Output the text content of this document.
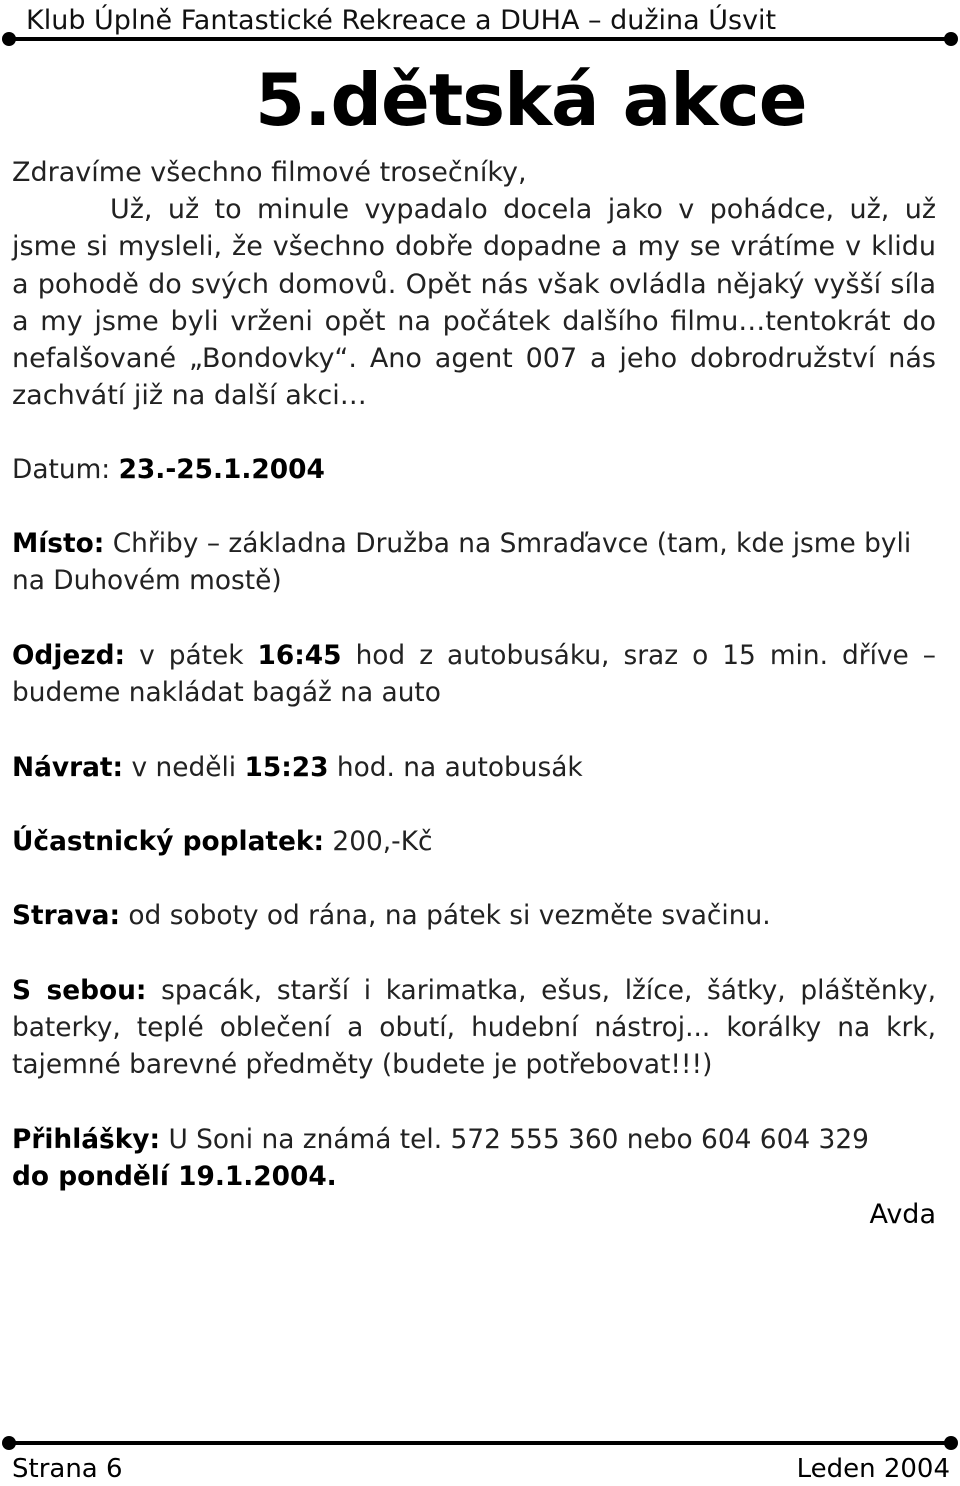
Klub Úplně Fantastické Rekreace a DUHA – dužina Úsvit
5.dětská akce

Zdravíme všechno filmové trosečníky,

Už, už to minule vypadalo docela jako v pohádce, už, už jsme si mysleli, že všechno dobře dopadne a my se vrátíme v klidu a pohodě do svých domovů. Opět nás však ovládla nějaký vyšší síla a my jsme byli vrženi opět na počátek dalšího filmu…tentokrát do nefalšované „Bondovky“. Ano agent 007 a jeho dobrodružství nás zachvátí již na další akci…

Datum: 23.-25.1.2004
Místo: Chřiby – základna Družba na Smraďavce (tam, kde jsme byli na Duhovém mostě)
Odjezd: v pátek 16:45 hod z autobusáku, sraz o 15 min. dříve – budeme nakládat bagáž na auto
Návrat: v neděli 15:23 hod. na autobusák
Účastnický poplatek: 200,-Kč
Strava: od soboty od rána, na pátek si vezměte svačinu.
S sebou: spacák, starší i karimatka, ešus, lžíce, šátky, pláštěnky, baterky, teplé oblečení a obutí, hudební nástroj... korálky na krk, tajemné barevné předměty (budete je potřebovat!!!)
Přihlášky: U Soni na známá tel. 572 555 360 nebo 604 604 329
do pondělí 19.1.2004.
Avda
Strana 6	Leden 2004
